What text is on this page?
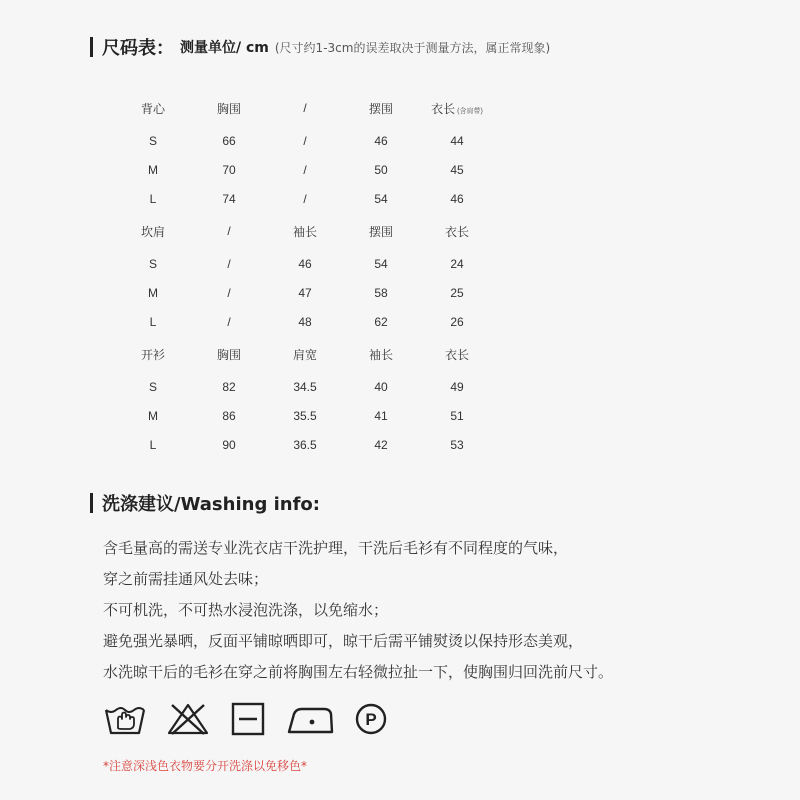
尺码表： 测量单位/ cm (尺寸约1-3cm的误差取决于测量方法，属正常现象)
背心	胸围	/	摆围	衣长 (含肩带)
S	66	/	46	44
M	70	/	50	45
L	74	/	54	46
坎肩	/	袖长	摆围	衣长
S	/	46	54	24
M	/	47	58	25
L	/	48	62	26
开衫	胸围	肩宽	袖长	衣长
S	82	34.5	40	49
M	86	35.5	41	51
L	90	36.5	42	53
洗涤建议/Washing info:

含毛量高的需送专业洗衣店干洗护理，干洗后毛衫有不同程度的气味，

穿之前需挂通风处去味；

不可机洗，不可热水浸泡洗涤，以免缩水；

避免强光暴晒，反面平铺晾晒即可，晾干后需平铺熨烫以保持形态美观，

水洗晾干后的毛衫在穿之前将胸围左右轻微拉扯一下，使胸围归回洗前尺寸。

P
*注意深浅色衣物要分开洗涤以免移色*
